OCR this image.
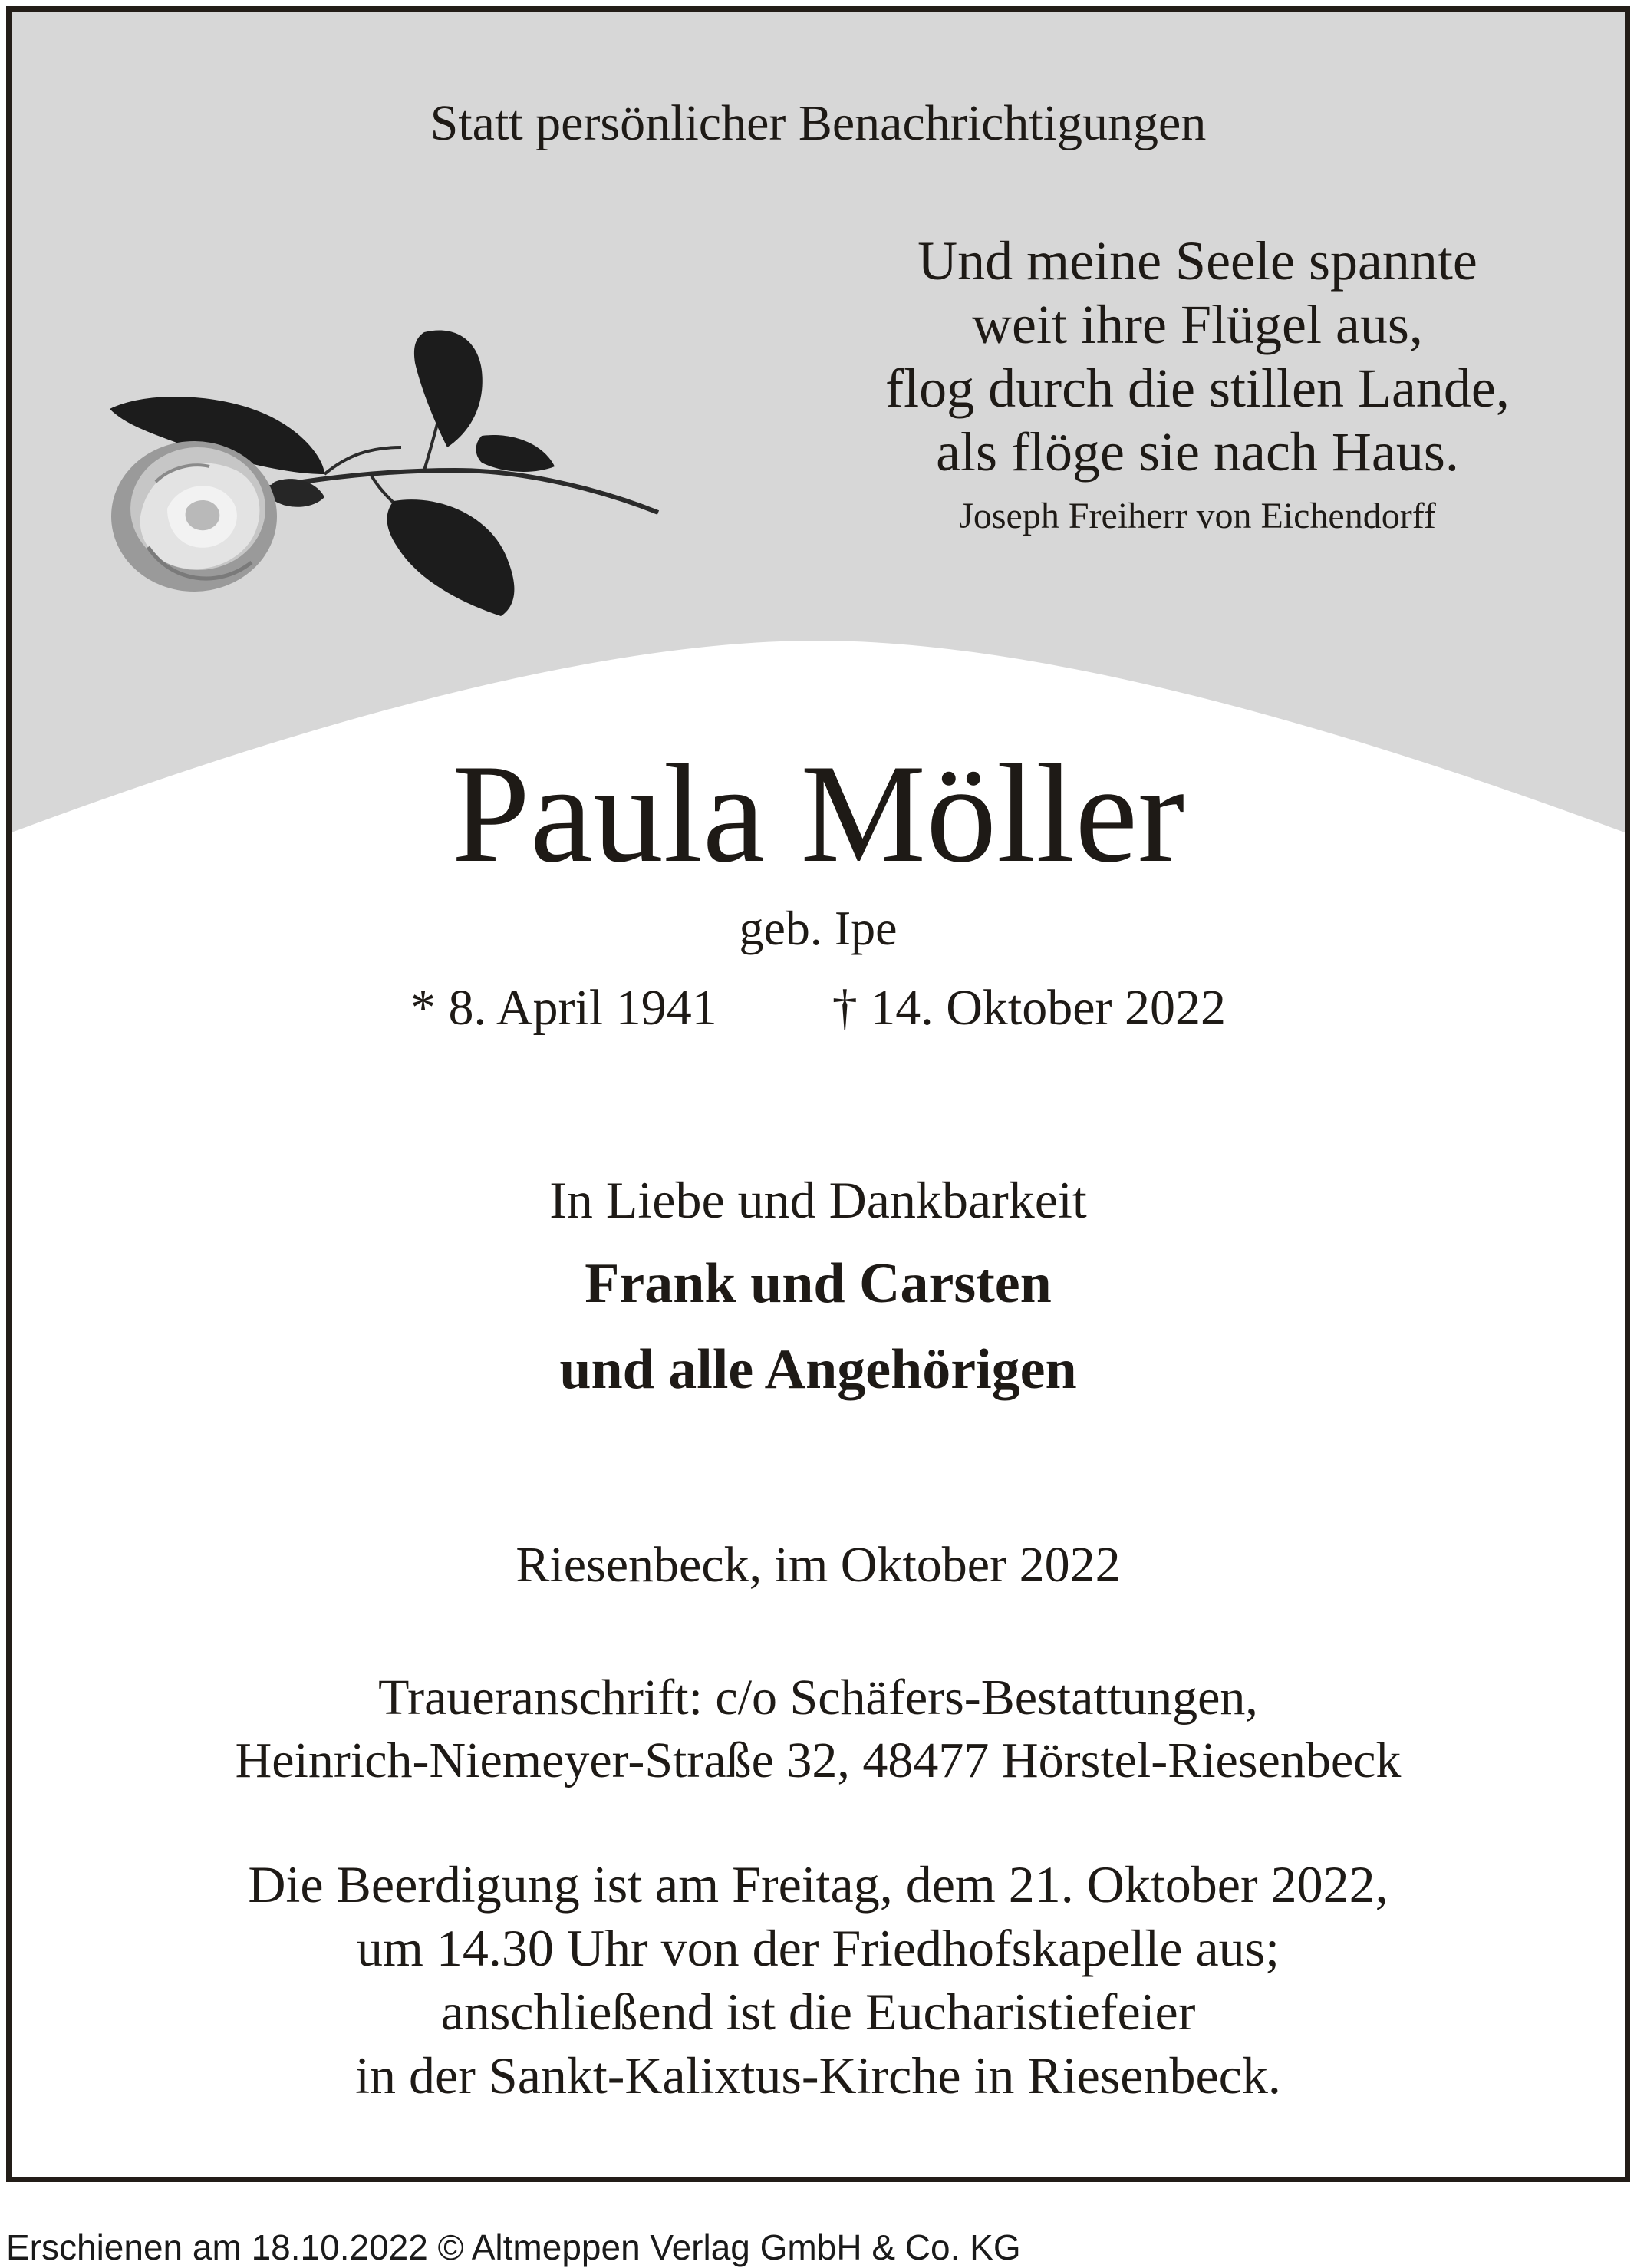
Statt persönlicher Benachrichtigungen

Und meine Seele spannte
weit ihre Flügel aus,
flog durch die stillen Lande,
als flöge sie nach Haus.
Joseph Freiherr von Eichendorff
Paula Möller

geb. Ipe

* 8. April 1941 † 14. Oktober 2022

In Liebe und Dankbarkeit

Frank und Carsten

und alle Angehörigen

Riesenbeck, im Oktober 2022

Traueranschrift: c/o Schäfers-Bestattungen,

Heinrich-Niemeyer-Straße 32, 48477 Hörstel-Riesenbeck

Die Beerdigung ist am Freitag, dem 21. Oktober 2022,
um 14.30 Uhr von der Friedhofskapelle aus;
anschließend ist die Eucharistiefeier
in der Sankt-Kalixtus-Kirche in Riesenbeck.

Erschienen am 18.10.2022 © Altmeppen Verlag GmbH & Co. KG
